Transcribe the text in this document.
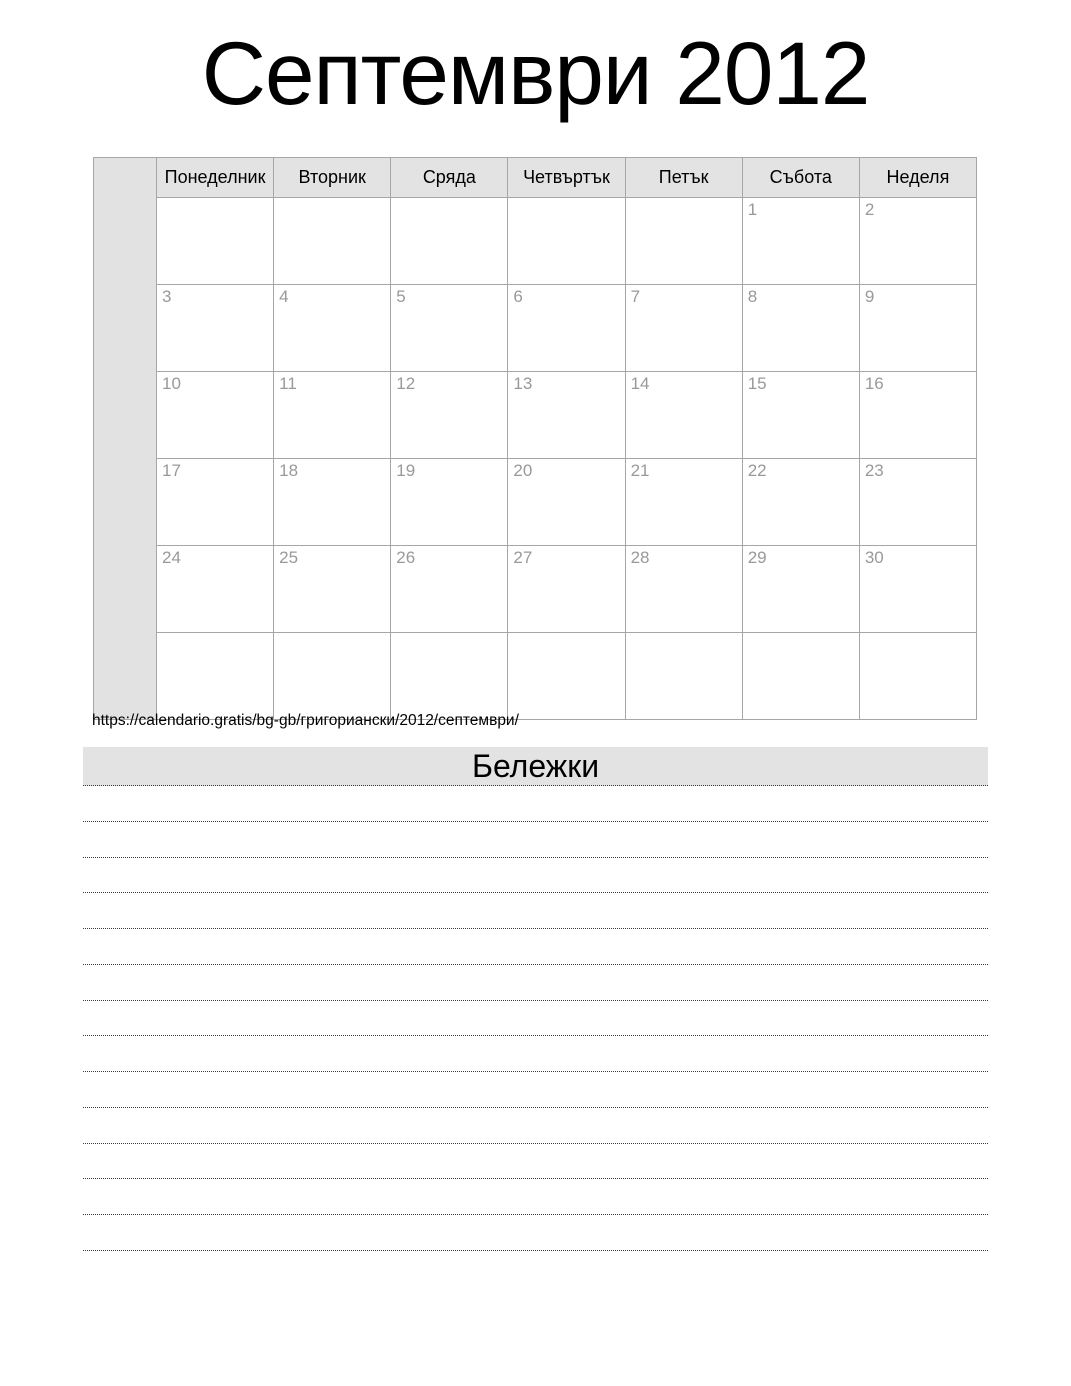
Септември 2012
	Понеделник	Вторник	Сряда	Четвъртък	Петък	Събота	Неделя
						1	2
	3	4	5	6	7	8	9
	10	11	12	13	14	15	16
	17	18	19	20	21	22	23
	24	25	26	27	28	29	30

https://calendario.gratis/bg-gb/григориански/2012/септември/
Бележки
